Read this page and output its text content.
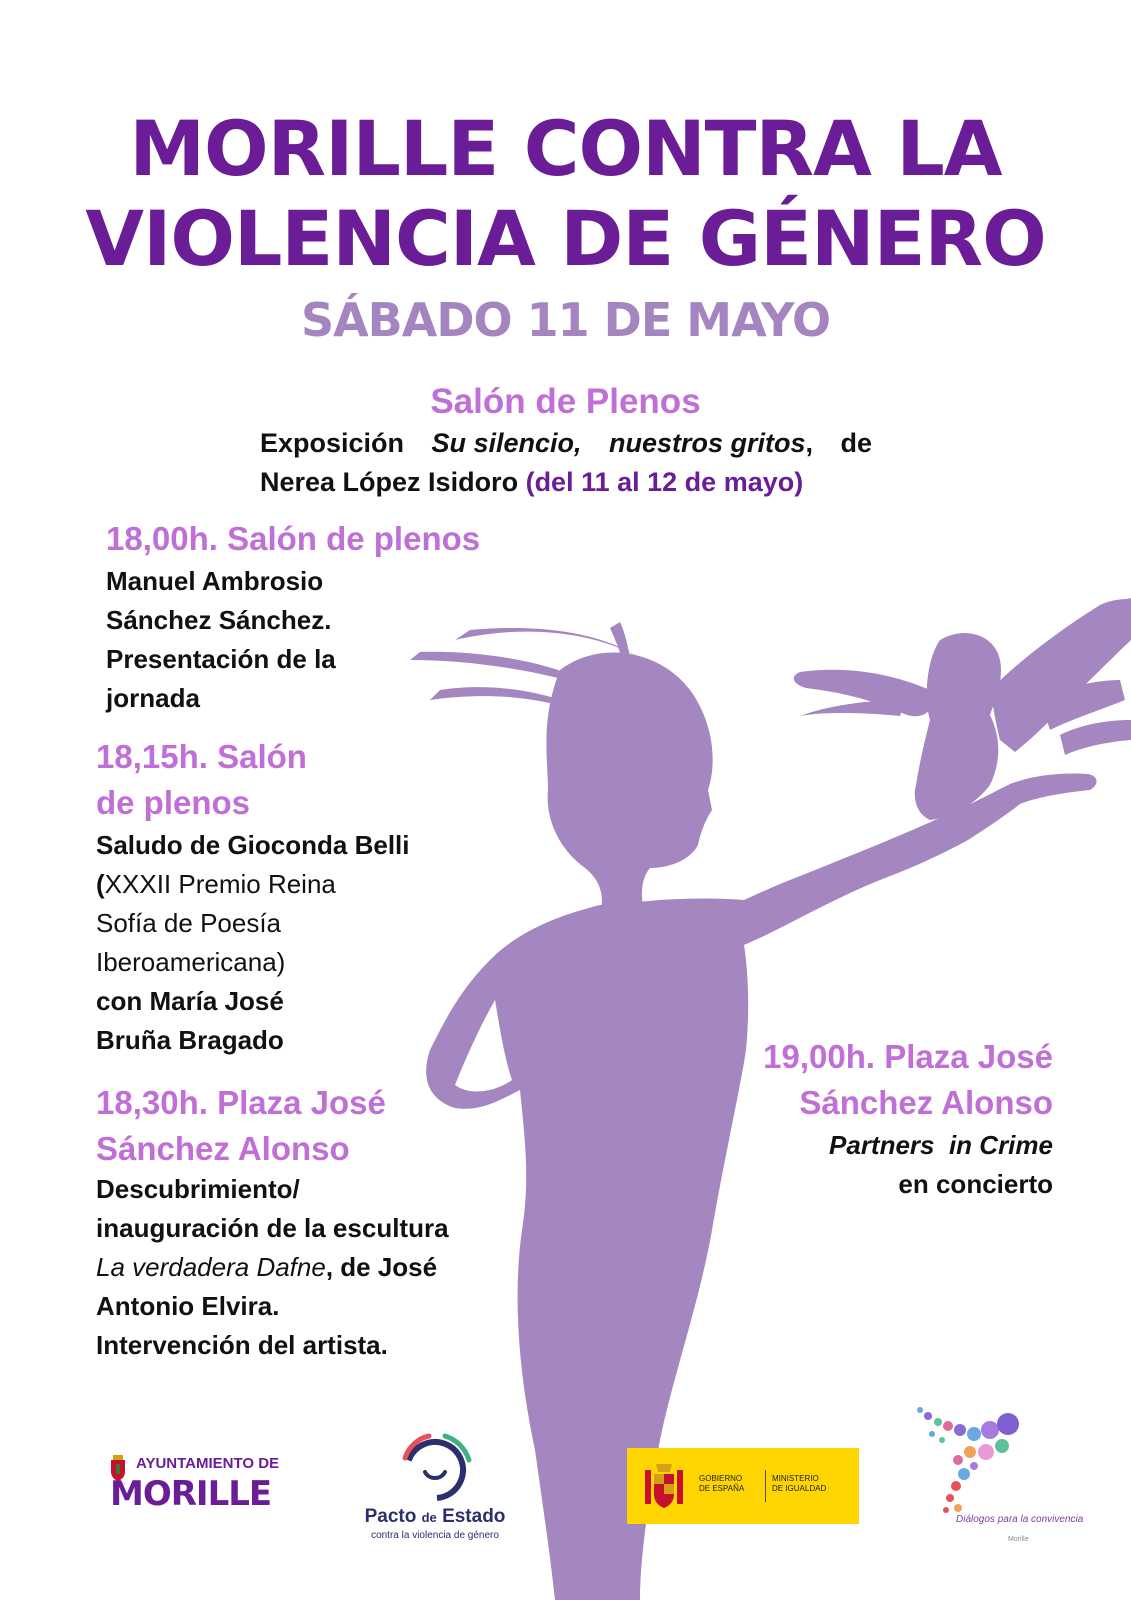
MORILLE CONTRA LA
VIOLENCIA DE GÉNERO
SÁBADO 11 DE MAYO
Salón de Plenos
Exposición Su silencio, nuestros gritos, de
Nerea López Isidoro (del 11 al 12 de mayo)
18,00h. Salón de plenos
Manuel Ambrosio
Sánchez Sánchez.
Presentación de la
jornada
18,15h. Salón
de plenos
Saludo de Gioconda Belli
(XXXII Premio Reina
Sofía de Poesía
Iberoamericana)
con María José
Bruña Bragado
18,30h. Plaza José
Sánchez Alonso
Descubrimiento/
inauguración de la escultura
La verdadera Dafne, de José
Antonio Elvira.
Intervención del artista.
19,00h. Plaza José
Sánchez Alonso
Partners  in Crime
en concierto
AYUNTAMIENTO DE
MORILLE
Pacto de Estado
contra la violencia de género
GOBIERNO
DE ESPAÑA
MINISTERIO
DE IGUALDAD
Diálogos para la convivencia
Morille
